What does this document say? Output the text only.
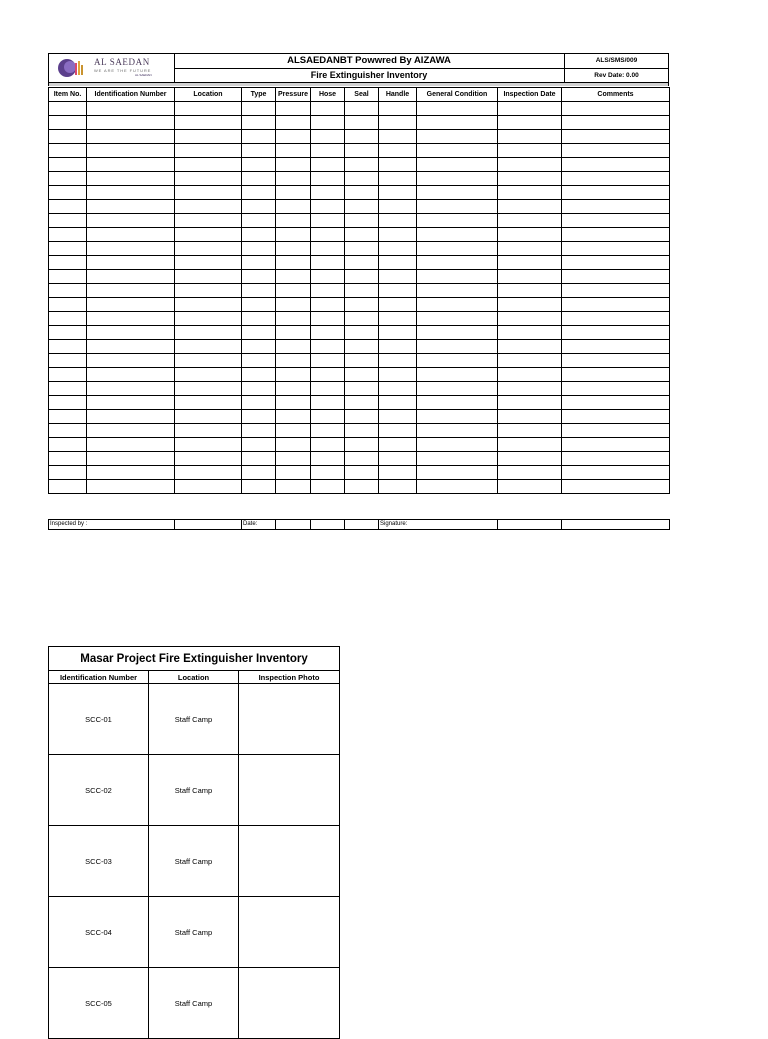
AL SAEDAN
WE ARE THE FUTURE
AL SAEDAN
ALSAEDANBT Powwred By AIZAWA
Fire Extinguisher Inventory
ALS/SMS/009
Rev Date: 0.00
Item No.	Identification Number	Location	Type	Pressure	Hose	Seal	Handle	General Condition	Inspection Date	Comments

Inspected by :		Date:				Signature:			
Masar Project Fire Extinguisher Inventory		
Identification Number	Location	Inspection Photo
SCC-01	Staff Camp	
SCC-02	Staff Camp	
SCC-03	Staff Camp	
SCC-04	Staff Camp	
SCC-05	Staff Camp	
